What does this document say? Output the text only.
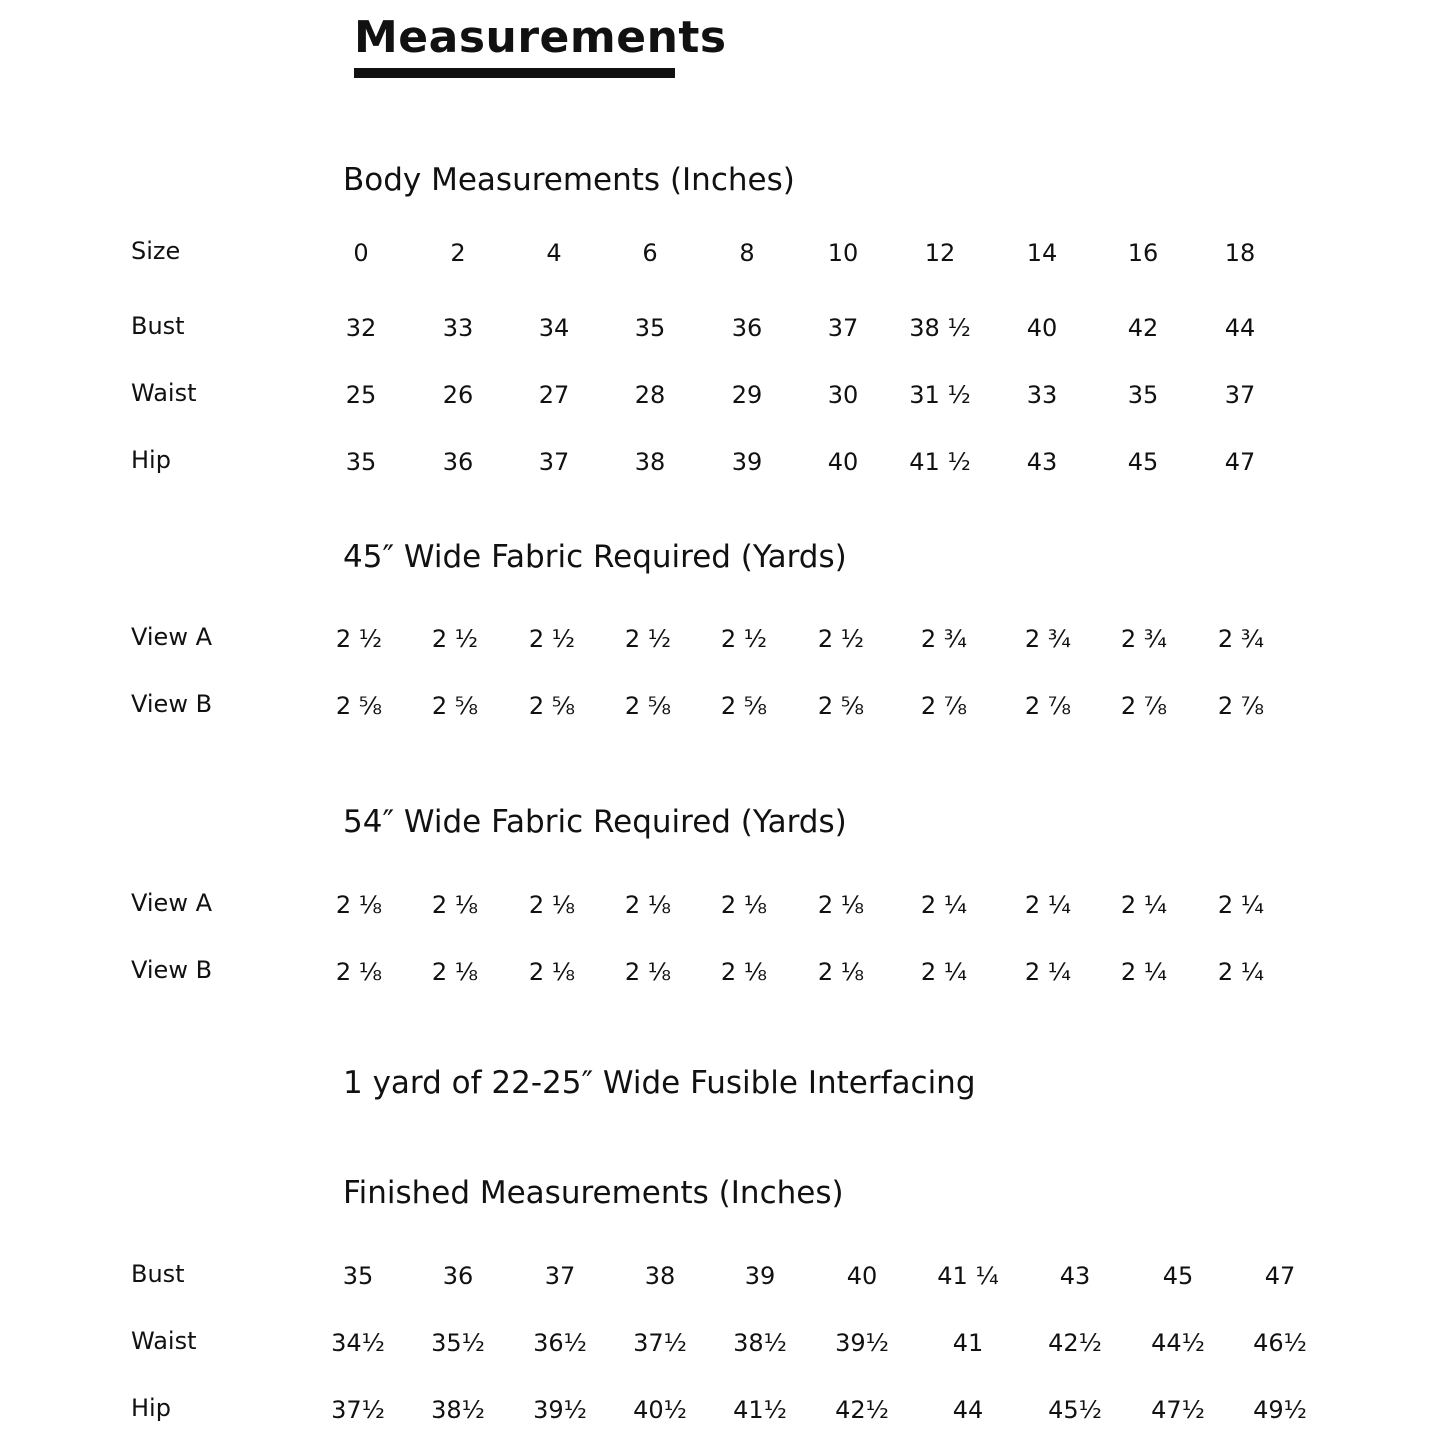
Measurements
Body Measurements (Inches)
Size	0	2	4	6	8	10	12	14	16	18
Bust	32	33	34	35	36	37	38 ½	40	42	44
Waist	25	26	27	28	29	30	31 ½	33	35	37
Hip	35	36	37	38	39	40	41 ½	43	45	47
45″ Wide Fabric Required (Yards)
View A	2 ½	2 ½	2 ½	2 ½	2 ½	2 ½	2 ¾	2 ¾	2 ¾	2 ¾
View B	2 ⅝	2 ⅝	2 ⅝	2 ⅝	2 ⅝	2 ⅝	2 ⅞	2 ⅞	2 ⅞	2 ⅞
54″ Wide Fabric Required (Yards)
View A	2 ⅛	2 ⅛	2 ⅛	2 ⅛	2 ⅛	2 ⅛	2 ¼	2 ¼	2 ¼	2 ¼
View B	2 ⅛	2 ⅛	2 ⅛	2 ⅛	2 ⅛	2 ⅛	2 ¼	2 ¼	2 ¼	2 ¼
1 yard of 22-25″ Wide Fusible Interfacing
Finished Measurements (Inches)
Bust	35	36	37	38	39	40	41 ¼	43	45	47
Waist	34½	35½	36½	37½	38½	39½	41	42½	44½	46½
Hip	37½	38½	39½	40½	41½	42½	44	45½	47½	49½
